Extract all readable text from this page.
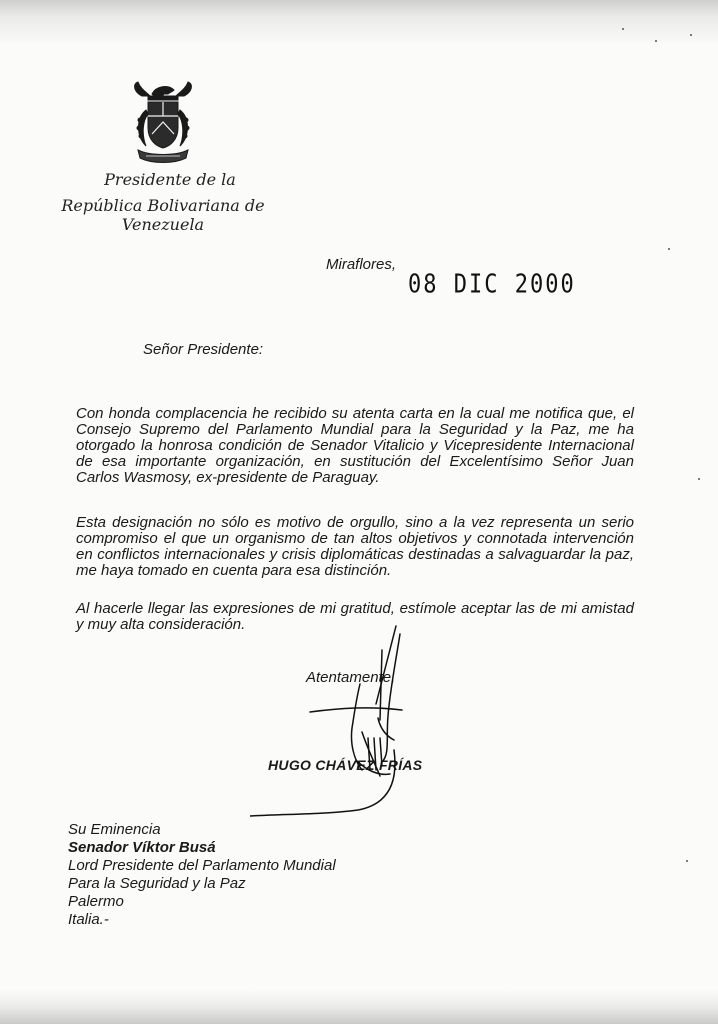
Presidente de la
República Bolivariana de Venezuela
Miraflores,
08 DIC 2000
Señor Presidente:

Con honda complacencia he recibido su atenta carta en la cual me notifica que, el Consejo Supremo del Parlamento Mundial para la Seguridad y la Paz, me ha otorgado la honrosa condición de Senador Vitalicio y Vicepresidente Internacional de esa importante organización, en sustitución del Excelentísimo Señor Juan Carlos Wasmosy, ex-presidente de Paraguay.

Esta designación no sólo es motivo de orgullo, sino a la vez representa un serio compromiso el que un organismo de tan altos objetivos y connotada intervención en conflictos internacionales y crisis diplomáticas destinadas a salvaguardar la paz, me haya tomado en cuenta para esa distinción.

Al hacerle llegar las expresiones de mi gratitud, estímole aceptar las de mi amistad y muy alta consideración.

Atentamente,
HUGO CHÁVEZ FRÍAS
Su Eminencia
Senador Víktor Busá
Lord Presidente del Parlamento Mundial
Para la Seguridad y la Paz
Palermo
Italia.-
